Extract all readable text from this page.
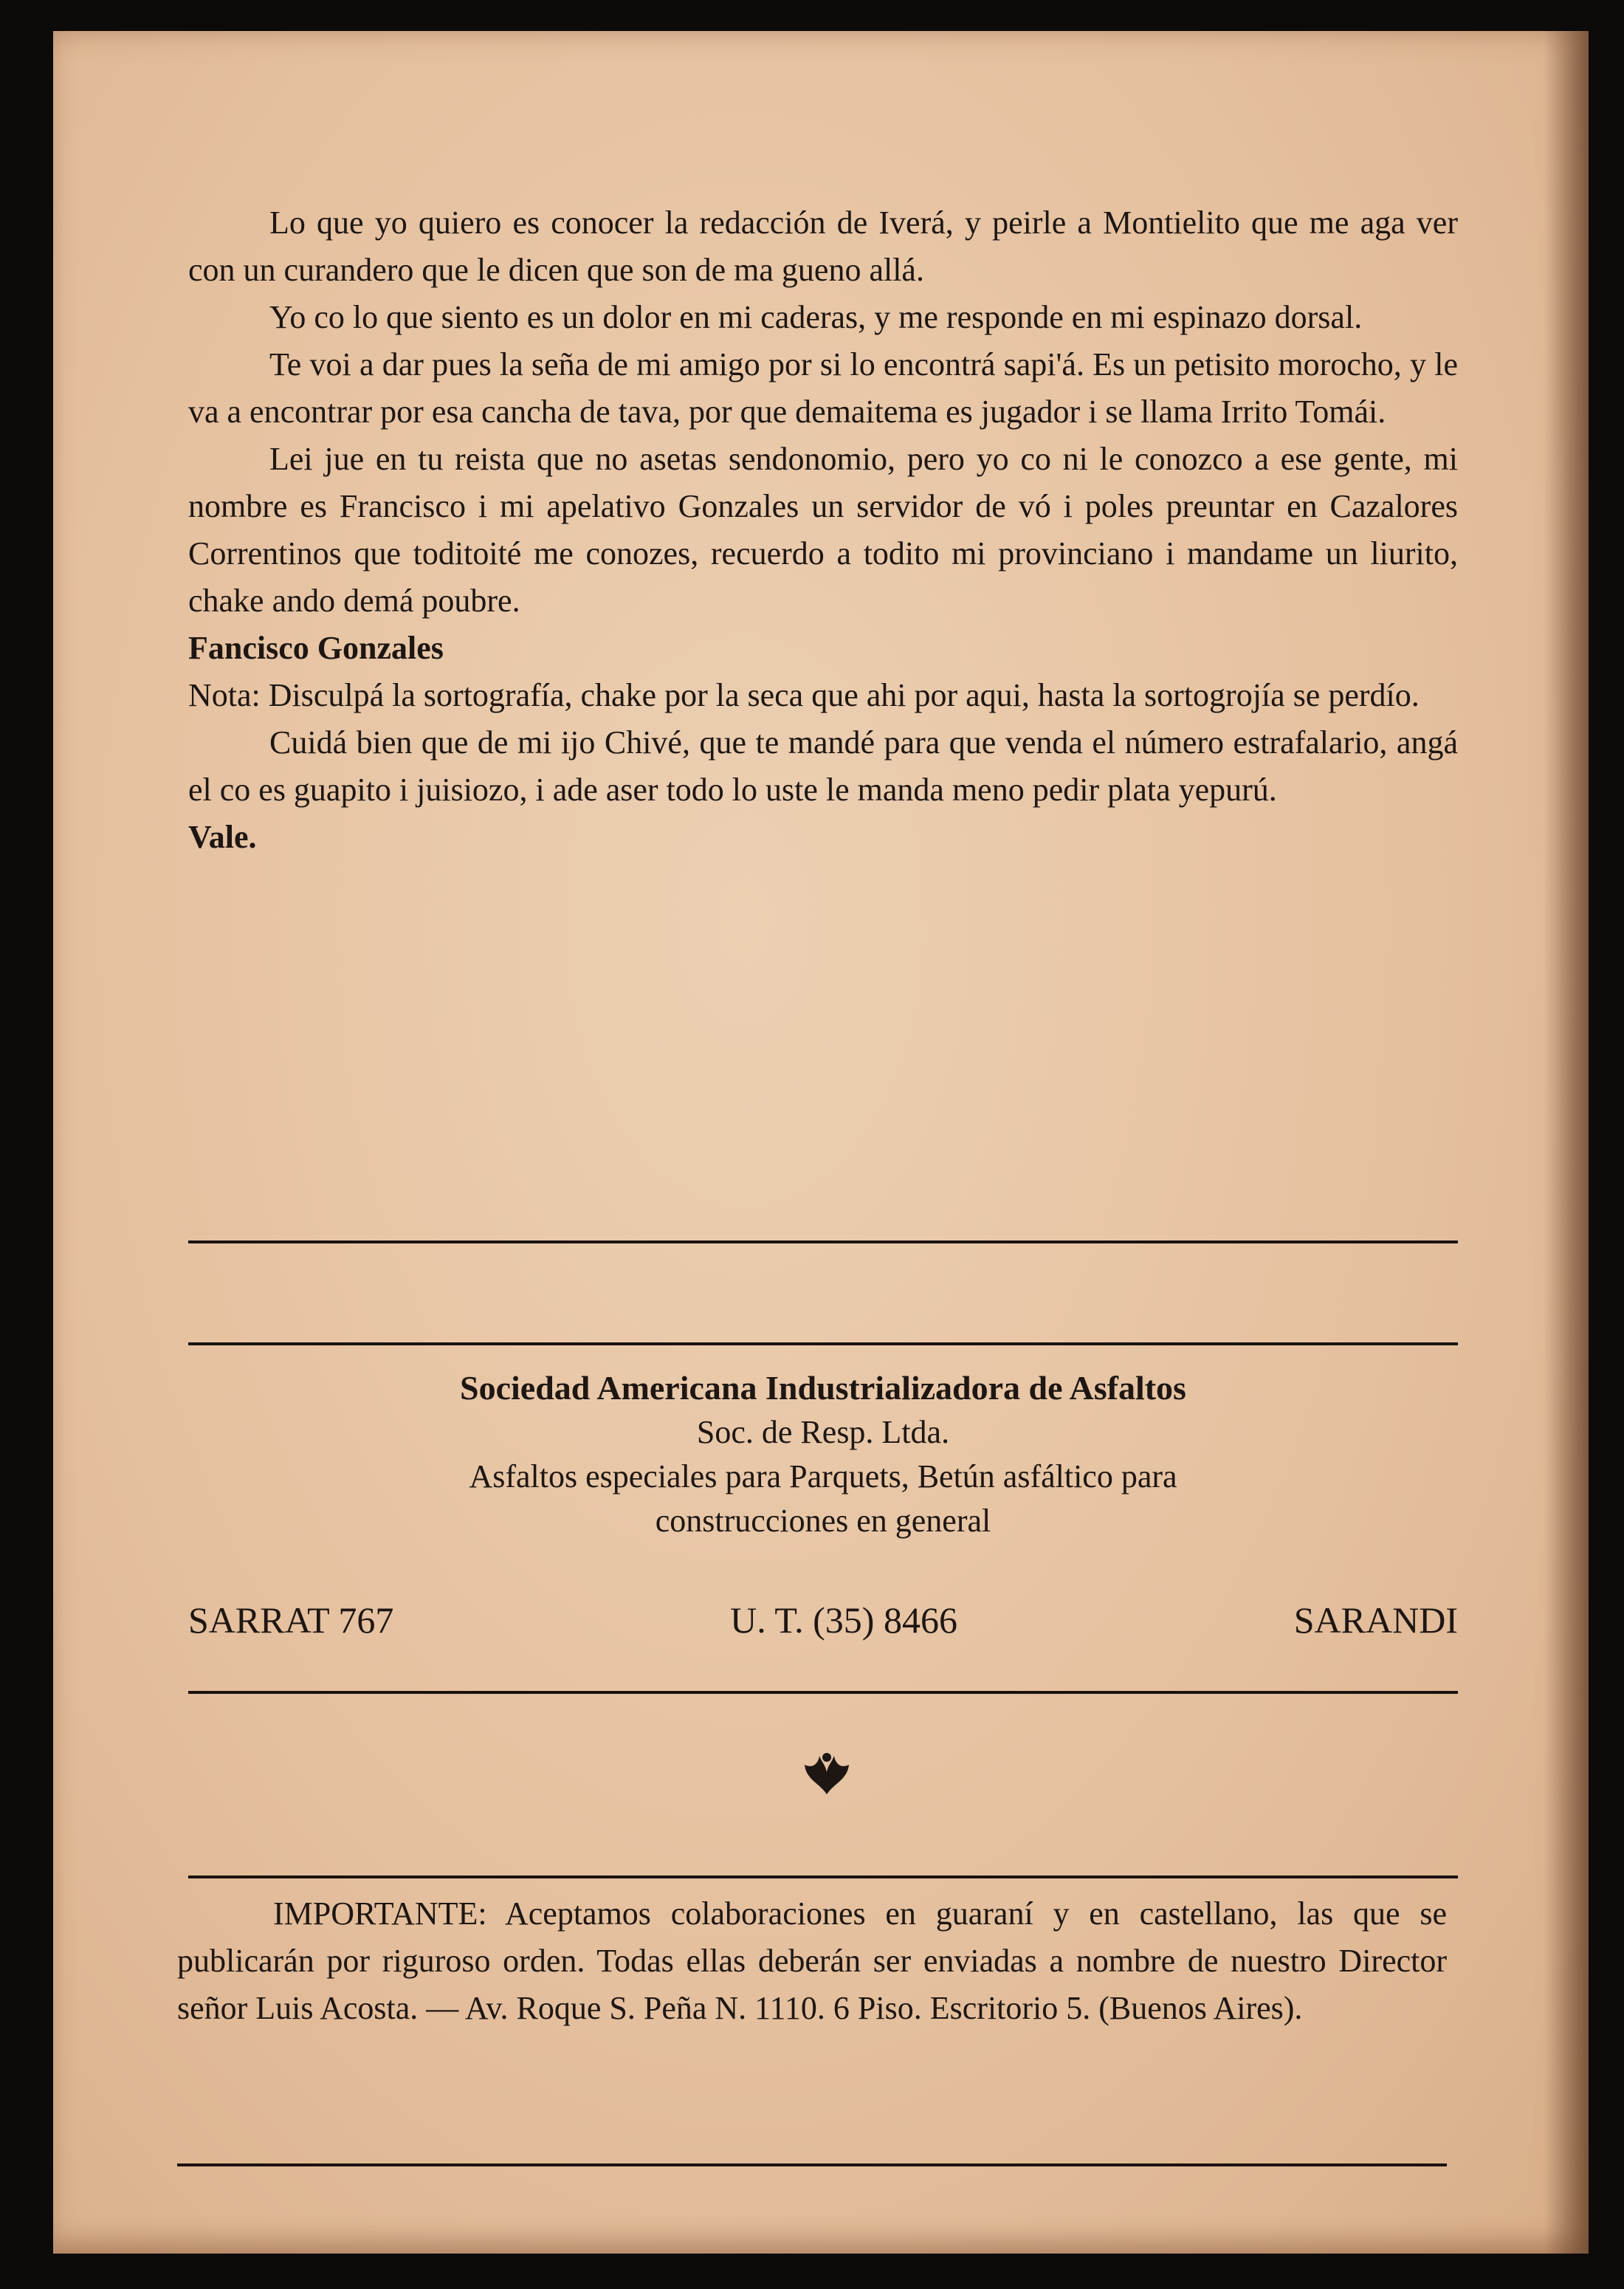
Lo que yo quiero es conocer la redacción de Iverá, y peirle a Montielito que me aga ver con un curandero que le dicen que son de ma gueno allá.

Yo co lo que siento es un dolor en mi caderas, y me responde en mi espinazo dorsal.

Te voi a dar pues la seña de mi amigo por si lo encontrá sapi'á. Es un petisito morocho, y le va a encontrar por esa cancha de tava, por que demaitema es jugador i se llama Irrito Tomái.

Lei jue en tu reista que no asetas sendonomio, pero yo co ni le conozco a ese gente, mi nombre es Francisco i mi apelativo Gonzales un servidor de vó i poles preuntar en Cazalores Correntinos que toditoité me conozes, recuerdo a todito mi provinciano i mandame un liurito, chake ando demá poubre.

Fancisco Gonzales

Nota: Disculpá la sortografía, chake por la seca que ahi por aqui, hasta la sortogrojía se perdío.

Cuidá bien que de mi ijo Chivé, que te mandé para que venda el número estrafalario, angá el co es guapito i juisiozo, i ade aser todo lo uste le manda meno pedir plata yepurú.

Vale.

Sociedad Americana Industrializadora de Asfaltos
Soc. de Resp. Ltda.
Asfaltos especiales para Parquets, Betún asfáltico para
construcciones en general
SARRAT 767	U. T. (35) 8466	SARANDI

IMPORTANTE: Aceptamos colaboraciones en guaraní y en castellano, las que se publicarán por riguroso orden. Todas ellas deberán ser enviadas a nombre de nuestro Director señor Luis Acosta. — Av. Roque S. Peña N. 1110. 6 Piso. Escritorio 5. (Buenos Aires).
